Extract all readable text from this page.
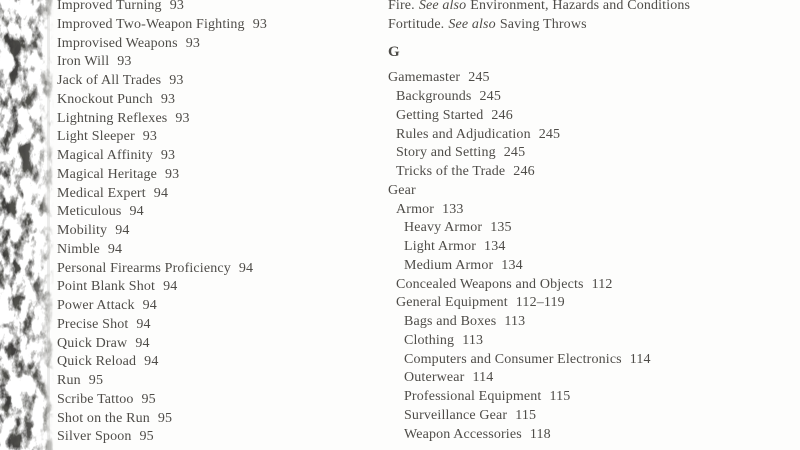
Improved Turning 93
Improved Two-Weapon Fighting 93
Improvised Weapons 93
Iron Will 93
Jack of All Trades 93
Knockout Punch 93
Lightning Reflexes 93
Light Sleeper 93
Magical Affinity 93
Magical Heritage 93
Medical Expert 94
Meticulous 94
Mobility 94
Nimble 94
Personal Firearms Proficiency 94
Point Blank Shot 94
Power Attack 94
Precise Shot 94
Quick Draw 94
Quick Reload 94
Run 95
Scribe Tattoo 95
Shot on the Run 95
Silver Spoon 95
Fire. See also Environment, Hazards and Conditions
Fortitude. See also Saving Throws
G
Gamemaster 245
Backgrounds 245
Getting Started 246
Rules and Adjudication 245
Story and Setting 245
Tricks of the Trade 246
Gear
Armor 133
Heavy Armor 135
Light Armor 134
Medium Armor 134
Concealed Weapons and Objects 112
General Equipment 112–119
Bags and Boxes 113
Clothing 113
Computers and Consumer Electronics 114
Outerwear 114
Professional Equipment 115
Surveillance Gear 115
Weapon Accessories 118
